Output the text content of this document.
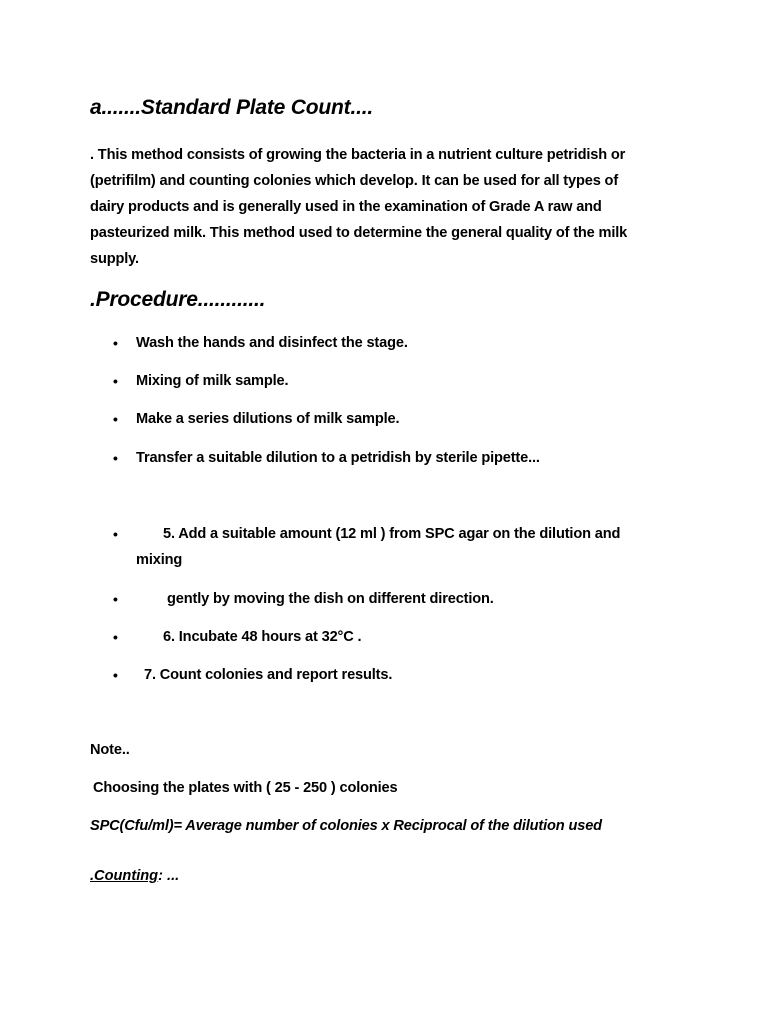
a.......Standard Plate Count....
. This method consists of growing the bacteria in a nutrient culture petridish or
(petrifilm) and counting colonies which develop. It can be used for all types of
dairy products and is generally used in the examination of Grade A raw and
pasteurized milk. This method used to determine the general quality of the milk
supply.
.Procedure............
• Wash the hands and disinfect the stage.
• Mixing of milk sample.
• Make a series dilutions of milk sample.
• Transfer a suitable dilution to a petridish by sterile pipette...
•	5. Add a suitable amount (12 ml ) from SPC agar on the dilution and
mixing
•	gently by moving the dish on different direction.
•	6. Incubate 48 hours at 32°C .
• 7. Count colonies and report results.
Note..
Choosing the plates with ( 25 - 250 ) colonies
SPC(Cfu/ml)= Average number of colonies x Reciprocal of the dilution used
.Counting: ...
